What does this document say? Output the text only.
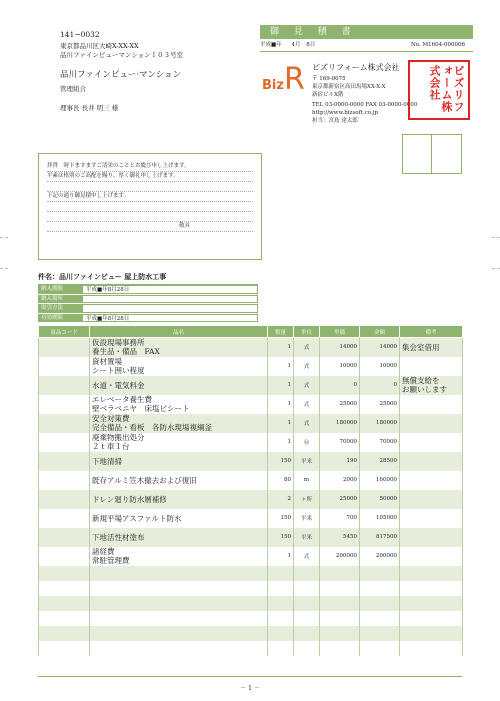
141−0032
東京都品川区大崎X-XX-XX
品川ファインビューマンション１０３号室
品川ファインビュー·マンション
管理組合
理事長 長井 明三 様
御 見 積 書
平成■年 4月 8日	No. M1604-000006
Biz R ビズリフォーム株式会社
〒 169-0075
東京都新宿区高田馬場XX-X-X
新宿ビルX階
TEL 03-0000-0000 FAX 03-0000-0000
http://www.bizsoft.co.jp
担当：宮島 達太郎
ビズリフォーム株式会社
拝啓　時下ますますご清栄のこととお慶び申し上げます。
平素は格別のご高配を賜り、厚く御礼申し上げます。
下記の通り御見積申し上げます。
　　　　　　　　　　　　　　　　　　　　　　　　敬具
件名：品川ファインビュー 屋上防水工事
納入期限	平成■年8月28日
納入場所
取引方法
有効期限	平成■年8月28日
商品コード	品名	数量	単位	単価	金額	備考
	仮設現場事務所
養生品・備品　FAX	1	式	14000	14000	集会室借用
	資材置場
シート囲い程度	1	式	10000	10000	
	水道・電気料金	1	式	0	0	無償支給を
お願いします
	エレベータ養生費
壁ベラベニヤ　床塩ビシート	1	式	25000	25000	
	安全対策費
完全備品・看板　各防水現場複綱釜	1	式	180000	180000	
	廃棄物搬出処分
２ｔ車１台	1	台	70000	70000	
	下地清掃	150	平米	190	28500	
	既存アルミ笠木撤去および復旧	80	m	2000	160000	
	ドレン廻り防水層補修	2	ヶ所	25000	50000	
	新規平場アスファルト防水	150	平米	700	105000	
	下地活性材塗布	150	平米	5450	817500	
	諸経費
常駐管理費	1	式	200000	200000	

－ 1 －
